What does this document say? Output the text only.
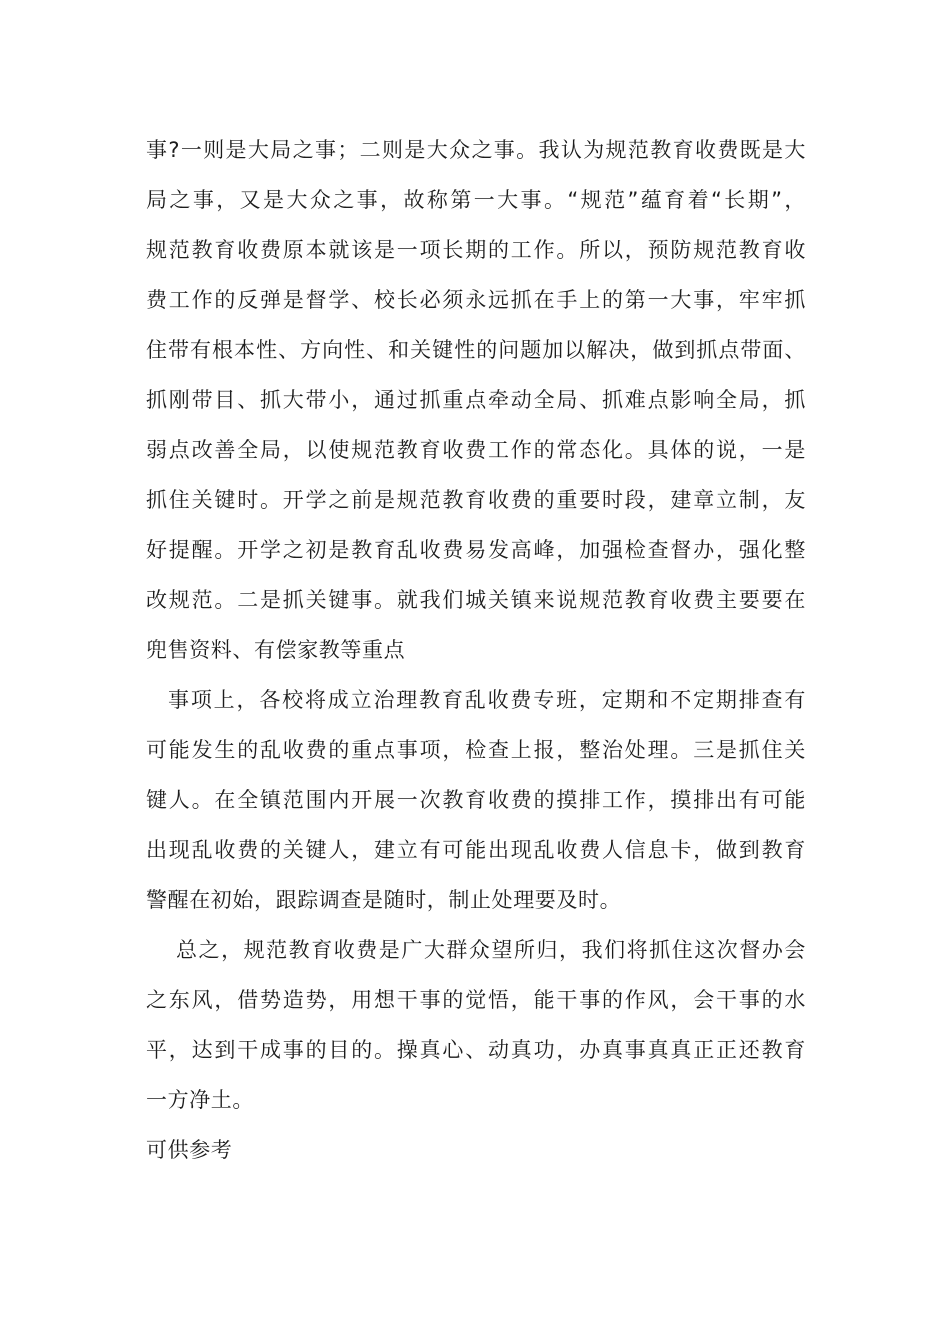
事?一则是大局之事；二则是大众之事。我认为规范教育收费既是大
局之事，又是大众之事，故称第一大事。“规范”蕴育着“长期”，
规范教育收费原本就该是一项长期的工作。所以，预防规范教育收
费工作的反弹是督学、校长必须永远抓在手上的第一大事，牢牢抓
住带有根本性、方向性、和关键性的问题加以解决，做到抓点带面、
抓刚带目、抓大带小，通过抓重点牵动全局、抓难点影响全局，抓
弱点改善全局，以使规范教育收费工作的常态化。具体的说，一是
抓住关键时。开学之前是规范教育收费的重要时段，建章立制，友
好提醒。开学之初是教育乱收费易发高峰，加强检查督办，强化整
改规范。二是抓关键事。就我们城关镇来说规范教育收费主要要在
兜售资料、有偿家教等重点
事项上，各校将成立治理教育乱收费专班，定期和不定期排查有
可能发生的乱收费的重点事项，检查上报，整治处理。三是抓住关
键人。在全镇范围内开展一次教育收费的摸排工作，摸排出有可能
出现乱收费的关键人，建立有可能出现乱收费人信息卡，做到教育
警醒在初始，跟踪调查是随时，制止处理要及时。
总之，规范教育收费是广大群众望所归，我们将抓住这次督办会
之东风，借势造势，用想干事的觉悟，能干事的作风，会干事的水
平，达到干成事的目的。操真心、动真功，办真事真真正正还教育
一方净土。
可供参考
